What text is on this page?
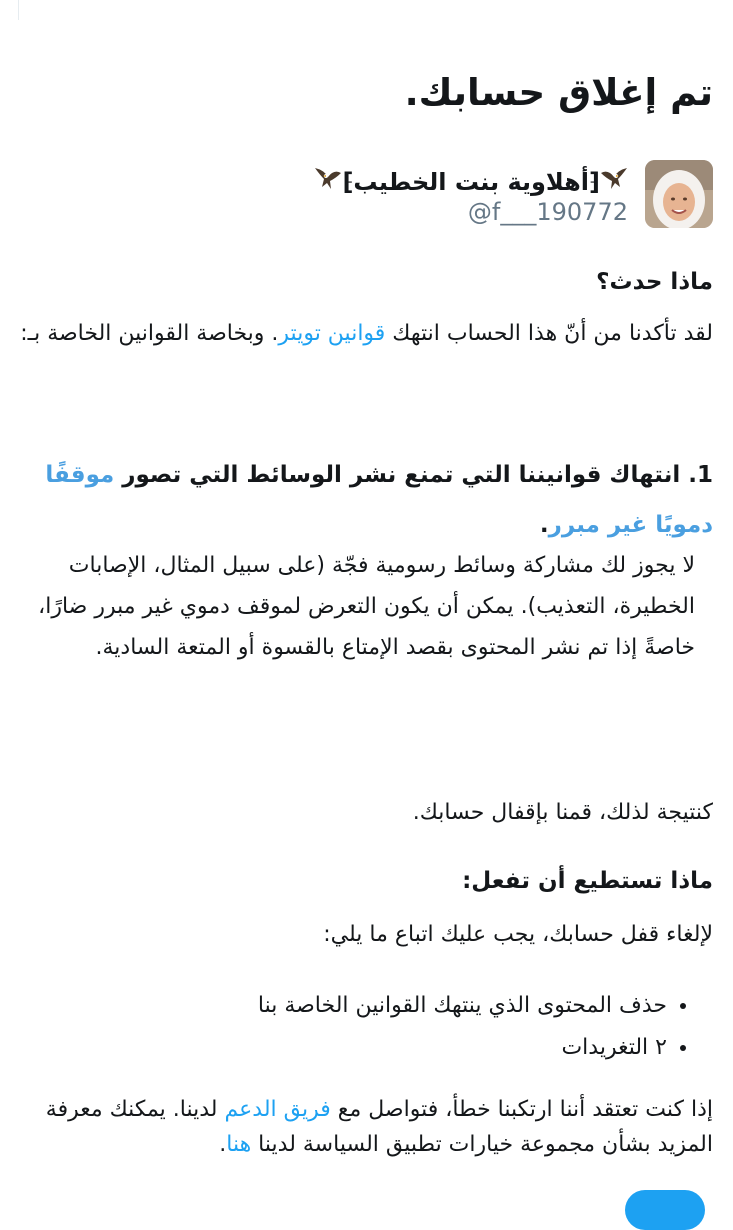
تم إغلاق حسابك.
⁅أهلاوية بنت الخطيب⁆
@f___190772
ماذا حدث؟

لقد تأكدنا من أنّ هذا الحساب انتهك قوانين تويتر. وبخاصة القوانين الخاصة بـ:

1. انتهاك قوانيننا التي تمنع نشر الوسائط التي تصور موقفًا دمويًا غير مبرر.

لا يجوز لك مشاركة وسائط رسومية فجّة (على سبيل المثال، الإصابات الخطيرة، التعذيب). يمكن أن يكون التعرض لموقف دموي غير مبرر ضارًا، خاصةً إذا تم نشر المحتوى بقصد الإمتاع بالقسوة أو المتعة السادية.

كنتيجة لذلك، قمنا بإقفال حسابك.

ماذا تستطيع أن تفعل:

لإلغاء قفل حسابك، يجب عليك اتباع ما يلي:

• حذف المحتوى الذي ينتهك القوانين الخاصة بنا
• ٢ التغريدات

إذا كنت تعتقد أننا ارتكبنا خطأ، فتواصل مع فريق الدعم لدينا. يمكنك معرفة المزيد بشأن مجموعة خيارات تطبيق السياسة لدينا هنا.
